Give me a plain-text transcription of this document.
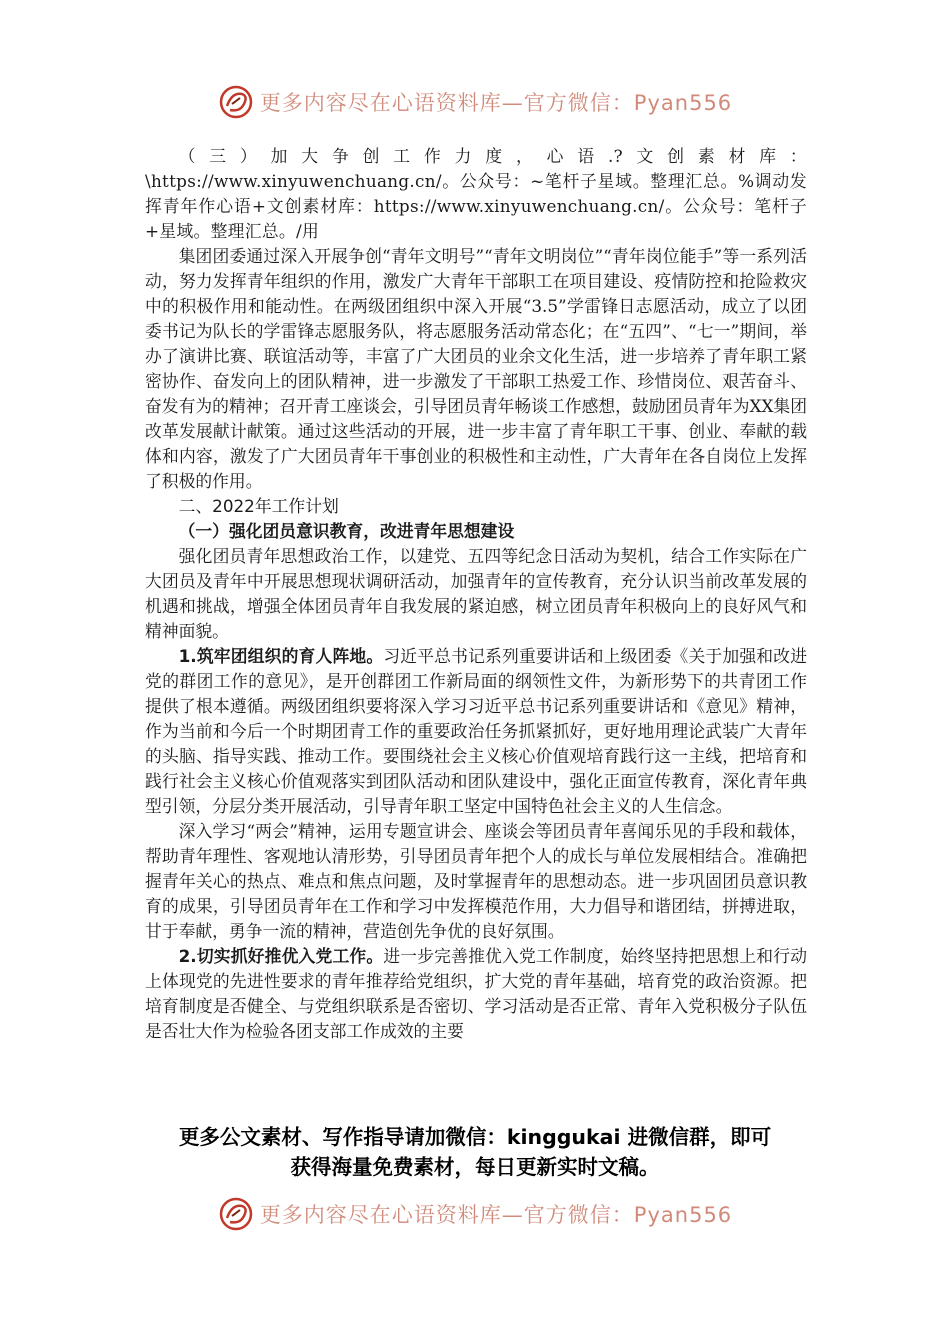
更多内容尽在心语资料库—官方微信：Pyan556

（三）加大争创工作力度，心语.?文创素材库：\https://www.xinyuwenchuang.cn/。公众号：~笔杆子星域。整理汇总。%调动发挥青年作心语+文创素材库：https://www.xinyuwenchuang.cn/。公众号：笔杆子+星域。整理汇总。/用

集团团委通过深入开展争创“青年文明号”“青年文明岗位”“青年岗位能手”等一系列活动，努力发挥青年组织的作用，激发广大青年干部职工在项目建设、疫情防控和抢险救灾中的积极作用和能动性。在两级团组织中深入开展“3.5”学雷锋日志愿活动，成立了以团委书记为队长的学雷锋志愿服务队，将志愿服务活动常态化；在“五四”、“七一”期间，举办了演讲比赛、联谊活动等，丰富了广大团员的业余文化生活，进一步培养了青年职工紧密协作、奋发向上的团队精神，进一步激发了干部职工热爱工作、珍惜岗位、艰苦奋斗、奋发有为的精神；召开青工座谈会，引导团员青年畅谈工作感想，鼓励团员青年为XX集团改革发展献计献策。通过这些活动的开展，进一步丰富了青年职工干事、创业、奉献的载体和内容，激发了广大团员青年干事创业的积极性和主动性，广大青年在各自岗位上发挥了积极的作用。

二、2022年工作计划

（一）强化团员意识教育，改进青年思想建设

强化团员青年思想政治工作，以建党、五四等纪念日活动为契机，结合工作实际在广大团员及青年中开展思想现状调研活动，加强青年的宣传教育，充分认识当前改革发展的机遇和挑战，增强全体团员青年自我发展的紧迫感，树立团员青年积极向上的良好风气和精神面貌。

1.筑牢团组织的育人阵地。习近平总书记系列重要讲话和上级团委《关于加强和改进党的群团工作的意见》，是开创群团工作新局面的纲领性文件，为新形势下的共青团工作提供了根本遵循。两级团组织要将深入学习习近平总书记系列重要讲话和《意见》精神，作为当前和今后一个时期团青工作的重要政治任务抓紧抓好，更好地用理论武装广大青年的头脑、指导实践、推动工作。要围绕社会主义核心价值观培育践行这一主线，把培育和践行社会主义核心价值观落实到团队活动和团队建设中，强化正面宣传教育，深化青年典型引领，分层分类开展活动，引导青年职工坚定中国特色社会主义的人生信念。

深入学习“两会”精神，运用专题宣讲会、座谈会等团员青年喜闻乐见的手段和载体，帮助青年理性、客观地认清形势，引导团员青年把个人的成长与单位发展相结合。准确把握青年关心的热点、难点和焦点问题，及时掌握青年的思想动态。进一步巩固团员意识教育的成果，引导团员青年在工作和学习中发挥模范作用，大力倡导和谐团结，拼搏进取，甘于奉献，勇争一流的精神，营造创先争优的良好氛围。

2.切实抓好推优入党工作。进一步完善推优入党工作制度，始终坚持把思想上和行动上体现党的先进性要求的青年推荐给党组织，扩大党的青年基础，培育党的政治资源。把培育制度是否健全、与党组织联系是否密切、学习活动是否正常、青年入党积极分子队伍是否壮大作为检验各团支部工作成效的主要

更多公文素材、写作指导请加微信：kinggukai 进微信群，即可
获得海量免费素材，每日更新实时文稿。
更多内容尽在心语资料库—官方微信：Pyan556
